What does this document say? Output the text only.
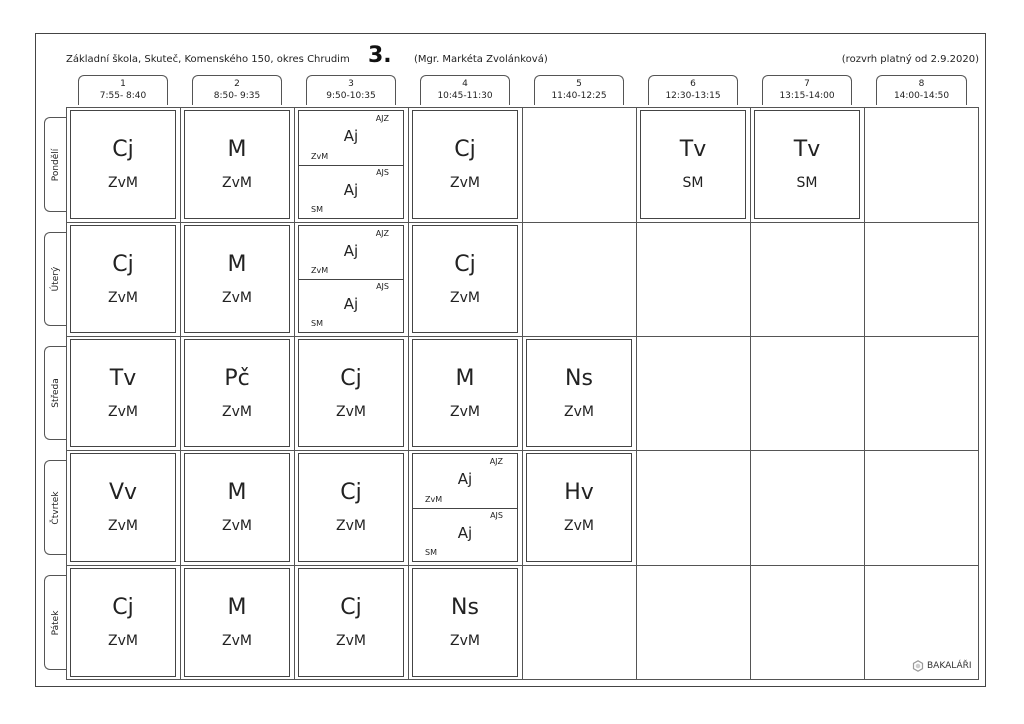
Základní škola, Skuteč, Komenského 150, okres Chrudim 3. (Mgr. Markéta Zvolánková)	(rozvrh platný od 2.9.2020)
1
7:55- 8:40
2
8:50- 9:35
3
9:50-10:35
4
10:45-11:30
5
11:40-12:25
6
12:30-13:15
7
13:15-14:00
8
14:00-14:50
Pondělí
Úterý
Středa
Čtvrtek
Pátek
Cj
ZvM
M
ZvM
AJZ
Aj
ZvM
AJS
Aj
SM
Cj
ZvM
Tv
SM
Tv
SM
Cj
ZvM
M
ZvM
AJZ
Aj
ZvM
AJS
Aj
SM
Cj
ZvM
Tv
ZvM
Pč
ZvM
Cj
ZvM
M
ZvM
Ns
ZvM
Vv
ZvM
M
ZvM
Cj
ZvM
AJZ
Aj
ZvM
AJS
Aj
SM
Hv
ZvM
Cj
ZvM
M
ZvM
Cj
ZvM
Ns
ZvM
BAKALÁŘI
